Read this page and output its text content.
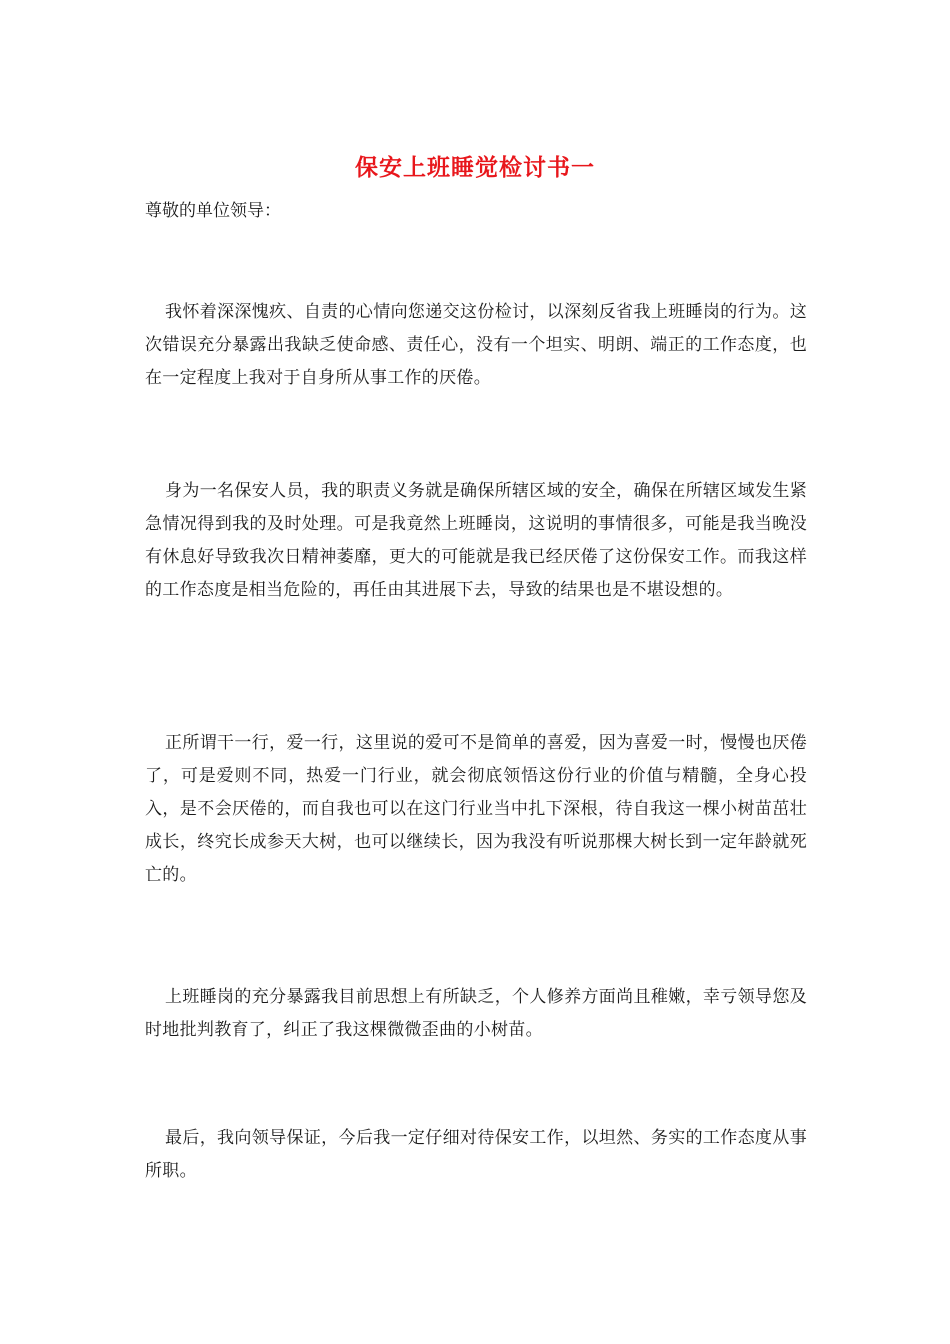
保安上班睡觉检讨书一
尊敬的单位领导：

我怀着深深愧疚、自责的心情向您递交这份检讨，以深刻反省我上班睡岗的行为。这次错误充分暴露出我缺乏使命感、责任心，没有一个坦实、明朗、端正的工作态度，也在一定程度上我对于自身所从事工作的厌倦。

身为一名保安人员，我的职责义务就是确保所辖区域的安全，确保在所辖区域发生紧急情况得到我的及时处理。可是我竟然上班睡岗，这说明的事情很多，可能是我当晚没有休息好导致我次日精神萎靡，更大的可能就是我已经厌倦了这份保安工作。而我这样的工作态度是相当危险的，再任由其进展下去，导致的结果也是不堪设想的。

正所谓干一行，爱一行，这里说的爱可不是简单的喜爱，因为喜爱一时，慢慢也厌倦了，可是爱则不同，热爱一门行业，就会彻底领悟这份行业的价值与精髓，全身心投入，是不会厌倦的，而自我也可以在这门行业当中扎下深根，待自我这一棵小树苗茁壮成长，终究长成参天大树，也可以继续长，因为我没有听说那棵大树长到一定年龄就死亡的。

上班睡岗的充分暴露我目前思想上有所缺乏，个人修养方面尚且稚嫩，幸亏领导您及时地批判教育了，纠正了我这棵微微歪曲的小树苗。

最后，我向领导保证，今后我一定仔细对待保安工作，以坦然、务实的工作态度从事所职。
